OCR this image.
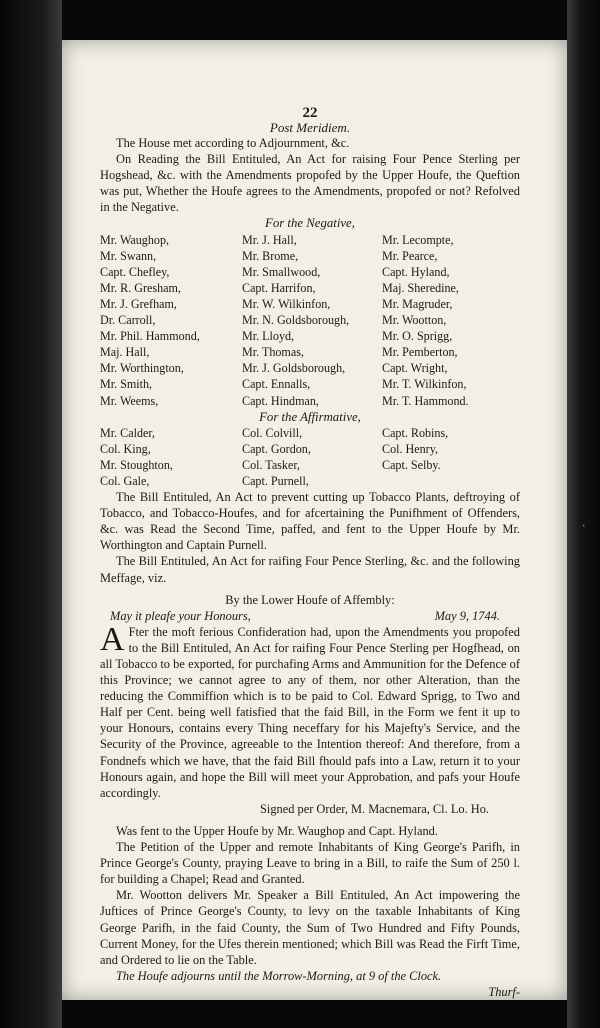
22
Post Meridiem.

The House met according to Adjournment, &c.

On Reading the Bill Entituled, An Act for raising Four Pence Sterling per Hogshead, &c. with the Amendments propofed by the Upper Houfe, the Queftion was put, Whether the Houfe agrees to the Amendments, propofed or not? Refolved in the Negative.

For the Negative,
Mr. Waughop,
Mr. Swann,
Capt. Chefley,
Mr. R. Gresham,
Mr. J. Grefham,
Dr. Carroll,
Mr. Phil. Hammond,
Maj. Hall,
Mr. Worthington,
Mr. Smith,
Mr. Weems,
Mr. J. Hall,
Mr. Brome,
Mr. Smallwood,
Capt. Harrifon,
Mr. W. Wilkinfon,
Mr. N. Goldsborough,
Mr. Lloyd,
Mr. Thomas,
Mr. J. Goldsborough,
Capt. Ennalls,
Capt. Hindman,
Mr. Lecompte,
Mr. Pearce,
Capt. Hyland,
Maj. Sheredine,
Mr. Magruder,
Mr. Wootton,
Mr. O. Sprigg,
Mr. Pemberton,
Capt. Wright,
Mr. T. Wilkinfon,
Mr. T. Hammond.
For the Affirmative,
Mr. Calder,
Col. King,
Mr. Stoughton,
Col. Gale,
Col. Colvill,
Capt. Gordon,
Col. Tasker,
Capt. Purnell,
Capt. Robins,
Col. Henry,
Capt. Selby.

The Bill Entituled, An Act to prevent cutting up Tobacco Plants, deftroying of Tobacco, and Tobacco-Houfes, and for afcertaining the Punifhment of Offenders, &c. was Read the Second Time, paffed, and fent to the Upper Houfe by Mr. Worthington and Captain Purnell.

The Bill Entituled, An Act for raifing Four Pence Sterling, &c. and the following Meffage, viz.

By the Lower Houfe of Affembly:
May it pleafe your Honours,	May 9, 1744.

A Fter the moft ferious Confideration had, upon the Amendments you propofed to the Bill Entituled, An Act for raifing Four Pence Sterling per Hogfhead, on all Tobacco to be exported, for purchafing Arms and Ammunition for the Defence of this Province; we cannot agree to any of them, nor other Alteration, than the reducing the Commiffion which is to be paid to Col. Edward Sprigg, to Two and Half per Cent. being well fatisfied that the faid Bill, in the Form we fent it up to your Honours, contains every Thing neceffary for his Majefty's Service, and the Security of the Province, agreeable to the Intention thereof: And therefore, from a Fondnefs which we have, that the faid Bill fhould pafs into a Law, return it to your Honours again, and hope the Bill will meet your Approbation, and pafs your Houfe accordingly.

Signed per Order, M. Macnemara, Cl. Lo. Ho.

Was fent to the Upper Houfe by Mr. Waughop and Capt. Hyland.

The Petition of the Upper and remote Inhabitants of King George's Parifh, in Prince George's County, praying Leave to bring in a Bill, to raife the Sum of 250 l. for building a Chapel; Read and Granted.

Mr. Wootton delivers Mr. Speaker a Bill Entituled, An Act impowering the Juftices of Prince George's County, to levy on the taxable Inhabitants of King George Parifh, in the faid County, the Sum of Two Hundred and Fifty Pounds, Current Money, for the Ufes therein mentioned; which Bill was Read the Firft Time, and Ordered to lie on the Table.

The Houfe adjourns until the Morrow-Morning, at 9 of the Clock.

Thurf-
‹
